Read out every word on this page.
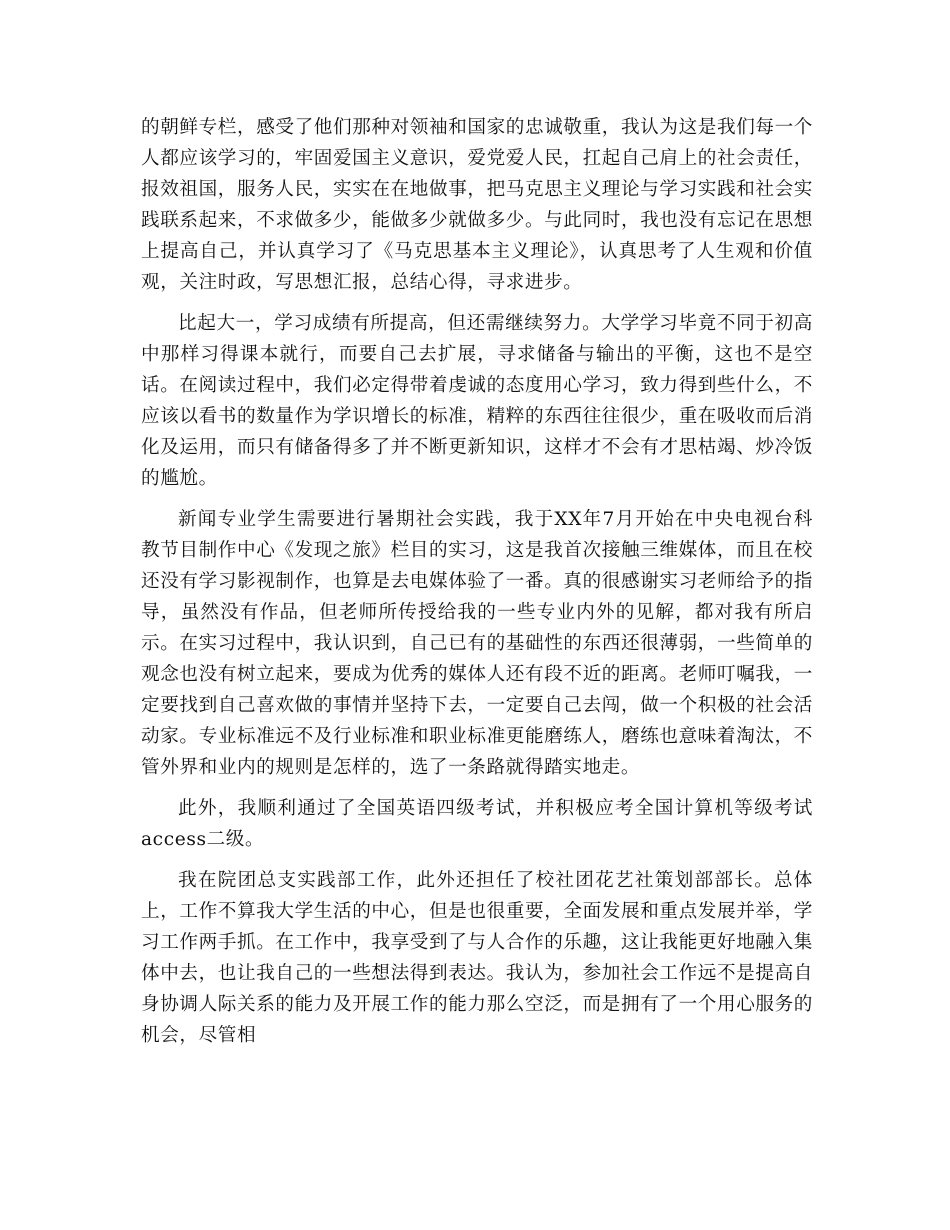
的朝鲜专栏，感受了他们那种对领袖和国家的忠诚敬重，我认为这是我们每一个人都应该学习的，牢固爱国主义意识，爱党爱人民，扛起自己肩上的社会责任，报效祖国，服务人民，实实在在地做事，把马克思主义理论与学习实践和社会实践联系起来，不求做多少，能做多少就做多少。与此同时，我也没有忘记在思想上提高自己，并认真学习了《马克思基本主义理论》，认真思考了人生观和价值观，关注时政，写思想汇报，总结心得，寻求进步。

比起大一，学习成绩有所提高，但还需继续努力。大学学习毕竟不同于初高中那样习得课本就行，而要自己去扩展，寻求储备与输出的平衡，这也不是空话。在阅读过程中，我们必定得带着虔诚的态度用心学习，致力得到些什么，不应该以看书的数量作为学识增长的标准，精粹的东西往往很少，重在吸收而后消化及运用，而只有储备得多了并不断更新知识，这样才不会有才思枯竭、炒冷饭的尴尬。

新闻专业学生需要进行暑期社会实践，我于XX年7月开始在中央电视台科教节目制作中心《发现之旅》栏目的实习，这是我首次接触三维媒体，而且在校还没有学习影视制作，也算是去电媒体验了一番。真的很感谢实习老师给予的指导，虽然没有作品，但老师所传授给我的一些专业内外的见解，都对我有所启示。在实习过程中，我认识到，自己已有的基础性的东西还很薄弱，一些简单的观念也没有树立起来，要成为优秀的媒体人还有段不近的距离。老师叮嘱我，一定要找到自己喜欢做的事情并坚持下去，一定要自己去闯，做一个积极的社会活动家。专业标准远不及行业标准和职业标准更能磨练人，磨练也意味着淘汰，不管外界和业内的规则是怎样的，选了一条路就得踏实地走。

此外，我顺利通过了全国英语四级考试，并积极应考全国计算机等级考试access二级。

我在院团总支实践部工作，此外还担任了校社团花艺社策划部部长。总体上，工作不算我大学生活的中心，但是也很重要，全面发展和重点发展并举，学习工作两手抓。在工作中，我享受到了与人合作的乐趣，这让我能更好地融入集体中去，也让我自己的一些想法得到表达。我认为，参加社会工作远不是提高自身协调人际关系的能力及开展工作的能力那么空泛，而是拥有了一个用心服务的机会，尽管相
